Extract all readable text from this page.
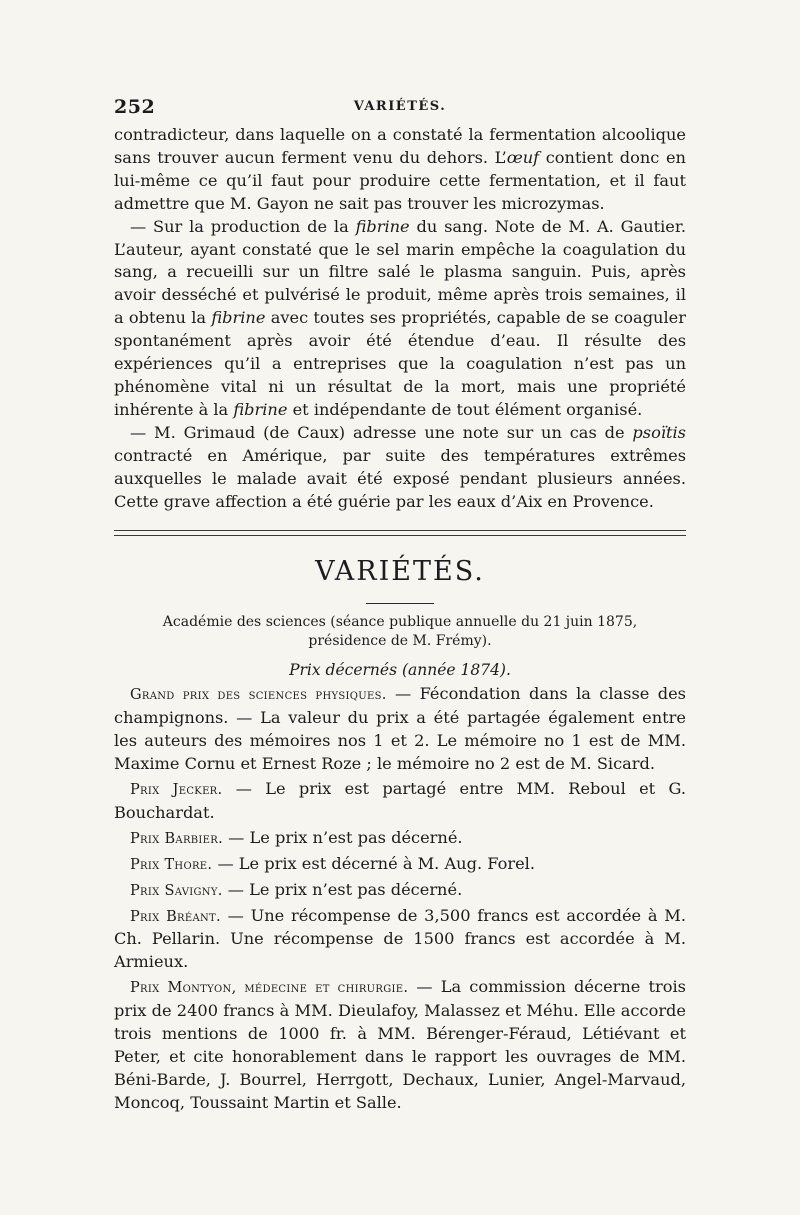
252	VARIÉTÉS.

contradicteur, dans laquelle on a constaté la fermentation alcoolique sans trouver aucun ferment venu du dehors. L’œuf contient donc en lui-même ce qu’il faut pour produire cette fermentation, et il faut admettre que M. Gayon ne sait pas trouver les microzymas.

— Sur la production de la fibrine du sang. Note de M. A. Gautier. L’auteur, ayant constaté que le sel marin empêche la coagulation du sang, a recueilli sur un filtre salé le plasma sanguin. Puis, après avoir desséché et pulvérisé le produit, même après trois semaines, il a obtenu la fibrine avec toutes ses propriétés, capable de se coaguler spontanément après avoir été étendue d’eau. Il résulte des expériences qu’il a entreprises que la coagulation n’est pas un phénomène vital ni un résultat de la mort, mais une propriété inhérente à la fibrine et indépendante de tout élément organisé.

— M. Grimaud (de Caux) adresse une note sur un cas de psoïtis contracté en Amérique, par suite des températures extrêmes auxquelles le malade avait été exposé pendant plusieurs années. Cette grave affection a été guérie par les eaux d’Aix en Provence.

VARIÉTÉS.
Académie des sciences (séance publique annuelle du 21 juin 1875,
présidence de M. Frémy).
Prix décernés (année 1874).

Grand prix des sciences physiques. — Fécondation dans la classe des champignons. — La valeur du prix a été partagée également entre les auteurs des mémoires nos 1 et 2. Le mémoire no 1 est de MM. Maxime Cornu et Ernest Roze ; le mémoire no 2 est de M. Sicard.

Prix Jecker. — Le prix est partagé entre MM. Reboul et G. Bouchardat.

Prix Barbier. — Le prix n’est pas décerné.

Prix Thore. — Le prix est décerné à M. Aug. Forel.

Prix Savigny. — Le prix n’est pas décerné.

Prix Bréant. — Une récompense de 3,500 francs est accordée à M. Ch. Pellarin. Une récompense de 1500 francs est accordée à M. Armieux.

Prix Montyon, médecine et chirurgie. — La commission décerne trois prix de 2400 francs à MM. Dieulafoy, Malassez et Méhu. Elle accorde trois mentions de 1000 fr. à MM. Bérenger-Féraud, Létiévant et Peter, et cite honorablement dans le rapport les ouvrages de MM. Béni-Barde, J. Bourrel, Herrgott, Dechaux, Lunier, Angel-Marvaud, Moncoq, Toussaint Martin et Salle.
